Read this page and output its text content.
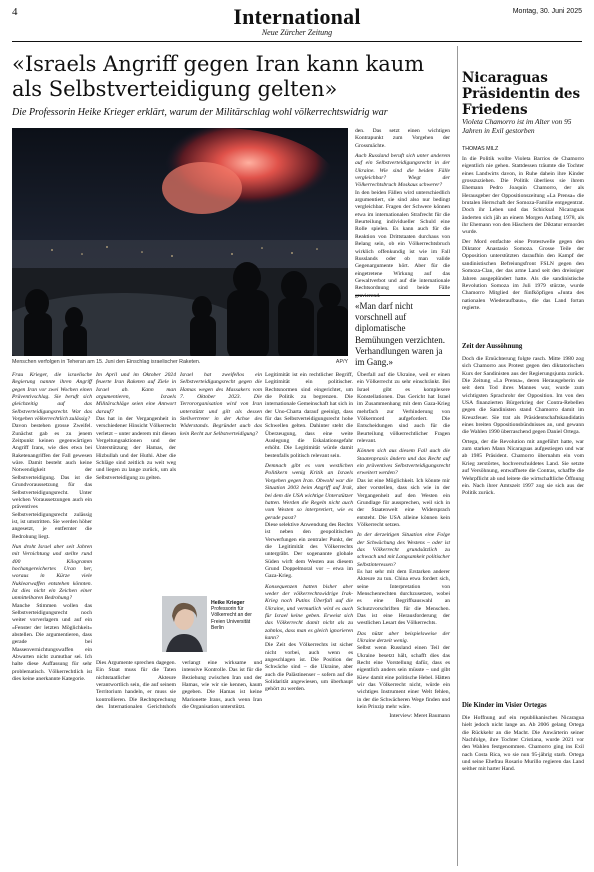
4	International
Neue Zürcher Zeitung
Montag, 30. Juni 2025
«Israels Angriff gegen Iran kann kaum als Selbstverteidigung gelten»
Die Professorin Heike Krieger erklärt, warum der Militärschlag wohl völkerrechtswidrig war
Menschen verfolgen in Teheran am 15. Juni den Einschlag israelischer Raketen.	AP/Y

den. Das setzt einen wichtigen Kontrapunkt zum Vorgehen der Grossmächte.

Auch Russland beruft sich unter anderem auf ein Selbstverteidigungsrecht in der Ukraine. Wie sind die beiden Fälle vergleichbar? Wiegt der Völkerrechtsbruch Moskaus schwerer?

In den beiden Fällen wird unterschiedlich argumentiert, sie sind also nur bedingt vergleichbar. Fragen der Schwere können etwa im internationalen Strafrecht für die Beurteilung individueller Schuld eine Rolle spielen. Es kann auch für die Reaktion von Drittstaaten durchaus von Belang sein, ob ein Völkerrechtsbruch wirklich offenkundig ist wie im Fall Russlands oder ob man valide Gegenargumente hört. Aber für die eingetretene Wirkung auf das Gewaltverbot und auf die internationale Rechtsordnung sind beide Fälle gravierend.

«Man darf nicht vorschnell auf diplomatische Bemühungen verzichten. Verhandlungen waren ja im Gang.»

Frau Krieger, die israelische Regierung nannte ihren Angriff gegen Iran vor zwei Wochen einen Präventivschlag. Sie beruft sich gleichzeitig auf das Selbstverteidigungsrecht. War das Vorgehen völkerrechtlich zulässig?

Davon bestehen grosse Zweifel. Zunächst gab es zu jenem Zeitpunkt keinen gegenwärtigen Angriff Irans, wie dies etwa bei Raketenangriffen der Fall gewesen wäre. Damit besteht auch keine Notwendigkeit der Selbstverteidigung. Das ist die Grundvoraussetzung für das Selbstverteidigungsrecht. Unter welchen Voraussetzungen auch ein präventives Selbstverteidigungsrecht zulässig ist, ist umstritten. Sie werden höher angesetzt, je entfernter die Bedrohung liegt.

Nun droht Israel aber seit Jahren mit Vernichtung und stellte rund 400 Kilogramm hochangereichertes Uran her, woraus in Kürze viele Nuklearwaffen entstehen könnten. Ist dies nicht ein Zeichen einer unmittelbaren Bedrohung?

Manche Stimmen wollen das Selbstverteidigungsrecht noch weiter vorverlagern und auf ein «Fenster der letzten Möglichkeit» abstellen. Die argumentieren, dass gerade bei Massenvernichtungswaffen ein Abwarten nicht zumutbar sei. Ich halte diese Auffassung für sehr problematisch. Völkerrechtlich ist dies keine anerkannte Kategorie.

Im April und im Oktober 2024 feuerte Iran Raketen auf Ziele in Israel ab. Kann man argumentieren, Israels Militärschläge seien eine Antwort darauf?

Das hat in der Vergangenheit in verschiedener Hinsicht Völkerrecht verletzt – unter anderem mit diesen Vergeltungsaktionen und der Unterstützung der Hamas, der Hizbullah und der Huthi. Aber die Schläge sind zeitlich zu weit weg und liegen zu lange zurück, um als Selbstverteidigung zu gelten.

Heike Krieger
Professorin für Völkerrecht an der Freien Universität Berlin

Israel hat zweifellos ein Selbstverteidigungsrecht gegen die Hamas wegen des Massakers vom 7. Oktober 2023. Die Terrororganisation wird von Iran unterstützt und gilt als dessen Stellvertreter in der Achse des Widerstands. Begründet auch das kein Recht zur Selbstverteidigung?

Dies Argumente sprechen dagegen. Ein Staat muss für die Taten nichtstaatlicher Akteure verantwortlich sein, die auf seinem Territorium handeln, er muss sie kontrollieren. Die Rechtsprechung des Internationalen Gerichtshofs verlangt eine wirksame und intensive Kontrolle. Das ist für die Beziehung zwischen Iran und der Hamas, wie wir sie kennen, kaum gegeben. Die Hamas ist keine Marionette Irans, auch wenn Iran die Organisation unterstützt.

Legitimität ist ein rechtlicher Begriff, Legitimität ein politischer. Rechtsnormen sind eingerichtet, um die Politik zu begrenzen. Die internationale Gemeinschaft hat sich in der Uno-Charta darauf geeinigt, dass für das Selbstverteidigungsrecht hohe Schwellen gelten. Dahinter steht die Überzeugung, dass eine weite Auslegung die Eskalationsgefahr erhöht. Die Legitimität würde damit bestenfalls politisch relevant sein.

Demnach gibt es vom westlichen Politikern wenig Kritik an Israels Vorgehen gegen Iran. Obwohl war die Situation 2003 beim Angriff auf Irak, bei dem die USA wichtige Unterstützer hatten. Werden die Regeln nicht auch vom Westen so interpretiert, wie es gerade passt?

Diese selektive Anwendung des Rechts ist neben den geopolitischen Verwerfungen ein zentraler Punkt, der die Legitimität des Völkerrechts untergräbt. Der sogenannte globale Süden wirft dem Westen aus diesem Grund Doppelmoral vor – etwa im Gaza-Krieg.

Konsequenzen hatten bisher aber weder der völkerrechtswidrige Irak-Krieg noch Putins Überfall auf die Ukraine, und vermutlich wird es auch für Israel keine geben. Erweist sich das Völkerrecht damit nicht als zu zahnlos, dass man es gleich ignorieren kann?

Die Zeit des Völkerrechts ist sicher nicht vorbei, auch wenn es angeschlagen ist. Die Position der Schwäche sind – die Ukraine, aber auch die Palästinenser – sofern auf die Solidarität angewiesen, um überhaupt gehört zu werden.

Überfall auf die Ukraine, weil er einen ein Völkerrecht zu sehr einschränkt. Bei Israel gibt es komplexere Konstellationen. Das Gericht hat Israel im Zusammenhang mit dem Gaza-Krieg mehrfach zur Verhinderung von Völkermord aufgefordert. Die Entscheidungen sind auch für die Beurteilung völkerrechtlicher Fragen relevant.

Können sich aus diesem Fall auch die Staatenpraxis ändern und das Recht auf ein präventives Selbstverteidigungsrecht erweitert werden?

Das ist eine Möglichkeit. Ich könnte mir aber vorstellen, dass sich wie in der Vergangenheit auf den Westen ein Grundlage für aussprechen, weil sich in der Staatenwelt eine Widersprach entsteht. Die USA alleine können kein Völkerrecht setzen.

In der derzeitigen Situation eine Folge der Schwächung des Westens – oder ist das Völkerrecht grundsätzlich zu schwach und mit Langsamkeit politischer Selbstinteressen?

Es hat sehr mit dem Erstarken anderer Akteure zu tun. China etwa fordert sich, seine Interpretation von Menschenrechten durchzusetzen, wobei es eine Begriffsauswahl an Schutzvorschriften für die Menschen. Das ist eine Herausforderung der westlichen Lesart des Völkerrechts.

Das nützt aber beispielsweise der Ukraine derzeit wenig.

Selbst wenn Russland einen Teil der Ukraine besetzt hält, schafft dies das Recht eine Vorstellung dafür, dass es eigentlich anders sein müsste – und gibt Kiew damit eine politische Hebel. Hätten wir das Völkerrecht nicht, würde ein wichtiges Instrument einer Welt fehlen, in der die Schwächeren Wege finden und kein Prinzip mehr wäre.

Interview: Meret Baumann

Nicaraguas Präsidentin des Friedens
Violeta Chamorro ist im Alter von 95 Jahren in Exil gestorben
THOMAS MILZ

In die Politik wollte Violeta Barrios de Chamorro eigentlich nie gehen. Stattdessen träumte die Tochter eines Landwirts davon, in Ruhe dahein ihre Kinder grosszuziehen. Die Politik überliess sie ihrem Ehemann Pedro Joaquín Chamorro, der als Herausgeber der Oppositionszeitung «La Prensa» die brutalen Herrschaft der Somoza-Familie entgegentrat. Doch ihr Leben und das Schicksal Nicaraguas änderten sich jäh an einem Morgen Anfang 1978, als ihr Ehemann von den Häschern der Diktatur ermordet wurde.

Der Mord entfachte eine Protestwelle gegen den Diktator Anastasio Somoza. Grosse Teile der Opposition unterstützten daraufhin den Kampf der sandinistischen Befreiungsfront FSLN gegen den Somoza-Clan, der das arme Land seit den dreissiger Jahren ausgeplündert hatte. Als die sandinistische Revolution Somoza im Juli 1979 stürzte, wurde Chamorro Mitglied der fünfköpfigen «Junta des nationalen Wiederaufbaus», die das Land fortan regierte.

Zeit der Aussöhnung

Doch die Ernüchterung folgte rasch. Mitte 1980 zog sich Chamorro aus Protest gegen den diktatorischen Kurs der Sandinisten aus der Regierungsjunta zurück. Die Zeitung «La Prensa», deren Herausgeberin sie seit dem Tod ihres Mannes war, wurde zum wichtigsten Sprachrohr der Opposition. Im von den USA finanzierten Bürgerkrieg der Contra-Rebellen gegen die Sandinisten stand Chamorro damit im Kreuzfeuer. Sie trat als Präsidentschaftskandidatin eines breiten Oppositionsbündnisses an, und gewann die Wahlen 1990 überraschend gegen Daniel Ortega.

Ortega, der die Revolution mit angeführt hatte, war zum starken Mann Nicaraguas aufgestiegen und war ab 1985 Präsident. Chamorro übernahm ein vom Krieg zerstörtes, hochverschuldetes Land. Sie setzte auf Versöhnung, entwaffnete die Contras, schaffte die Wehrpflicht ab und leitete die wirtschaftliche Öffnung ein. Nach ihrer Amtszeit 1997 zog sie sich aus der Politik zurück.

Die Kinder im Visier Ortegas

Die Hoffnung auf ein republikanisches Nicaragua hielt jedoch nicht lange an. Ab 2006 gelang Ortega die Rückkehr an die Macht. Die Anwärterin seiner Nachfolge, ihre Tochter Cristiana, wurde 2021 vor den Wahlen festgenommen. Chamorro ging ins Exil nach Costa Rica, wo sie nun 95-jährig starb. Ortega und seine Ehefrau Rosario Murillo regieren das Land seither mit harter Hand.
